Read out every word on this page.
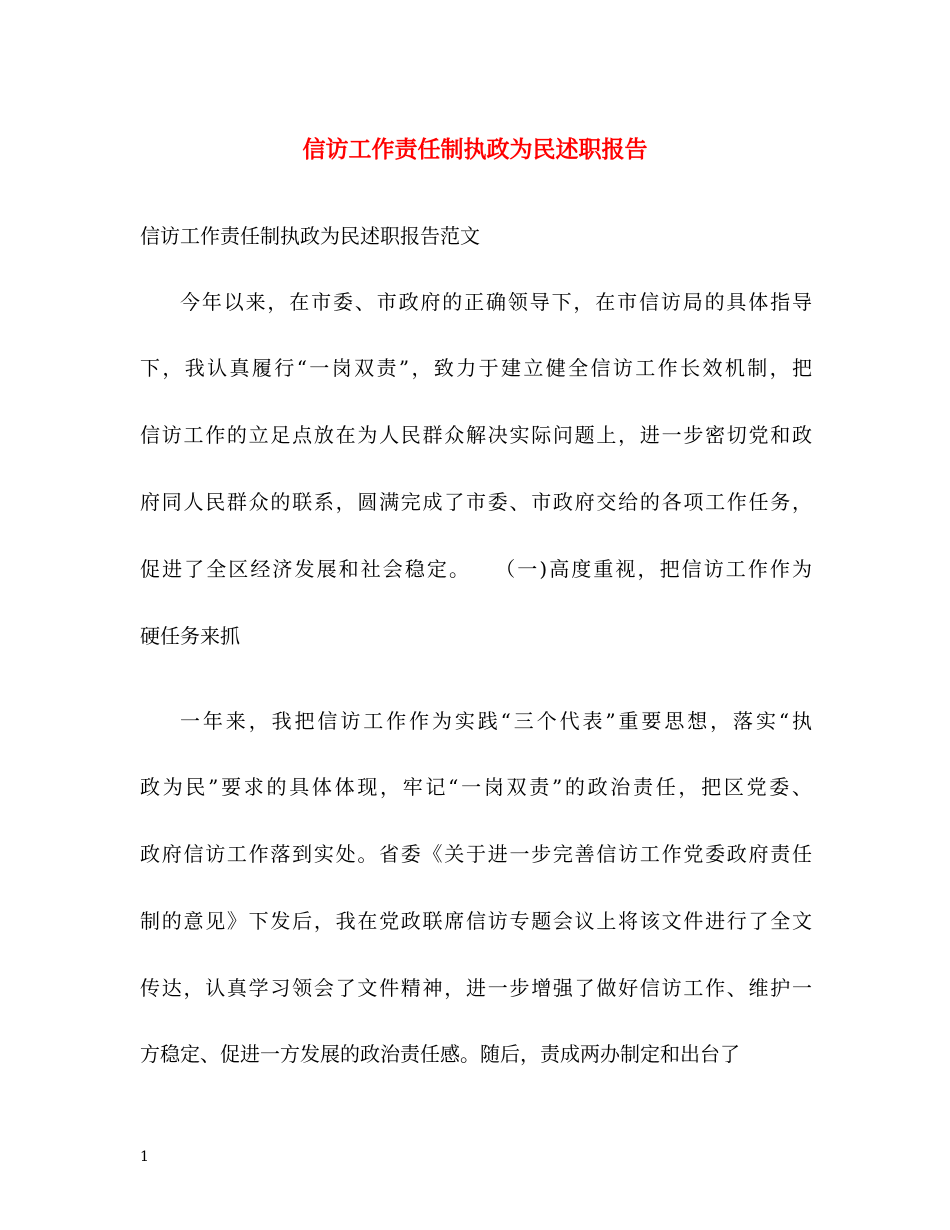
信访工作责任制执政为民述职报告
信访工作责任制执政为民述职报告范文
今年以来，在市委、市政府的正确领导下，在市信访局的具体指导
下，我认真履行“一岗双责”，致力于建立健全信访工作长效机制，把
信访工作的立足点放在为人民群众解决实际问题上，进一步密切党和政
府同人民群众的联系，圆满完成了市委、市政府交给的各项工作任务，
促进了全区经济发展和社会稳定。　　（一)高度重视，把信访工作作为
硬任务来抓
一年来，我把信访工作作为实践“三个代表”重要思想，落实“执
政为民”要求的具体体现，牢记“一岗双责”的政治责任，把区党委、
政府信访工作落到实处。省委《关于进一步完善信访工作党委政府责任
制的意见》下发后，我在党政联席信访专题会议上将该文件进行了全文
传达，认真学习领会了文件精神，进一步增强了做好信访工作、维护一
方稳定、促进一方发展的政治责任感。随后，责成两办制定和出台了
1
